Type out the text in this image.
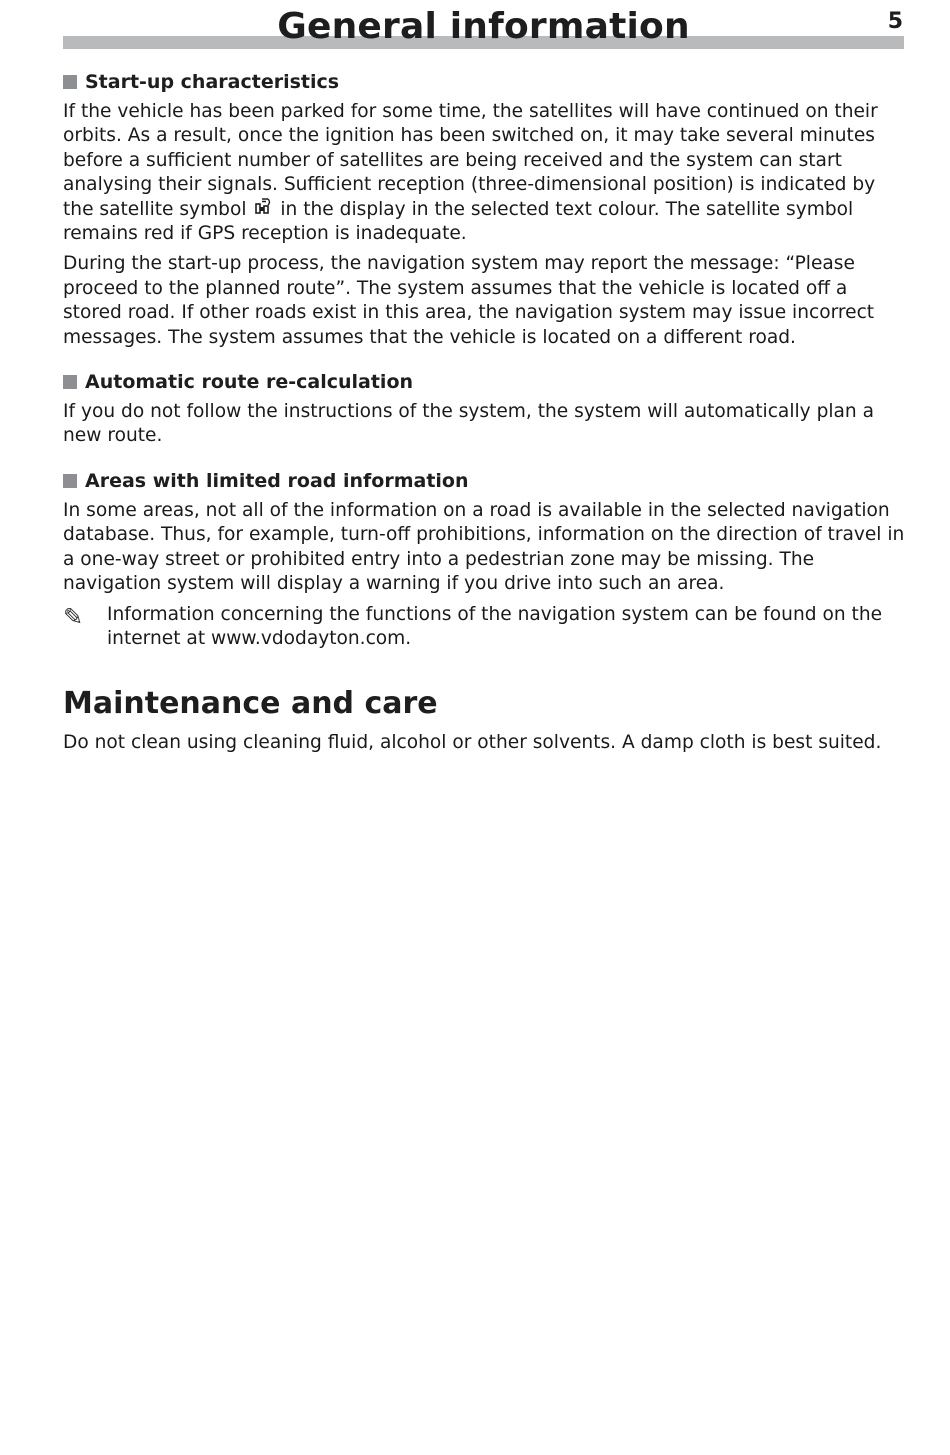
General information	5
Start-up characteristics

If the vehicle has been parked for some time, the satellites will have continued on their orbits. As a result, once the ignition has been switched on, it may take several minutes before a sufficient number of satellites are being received and the system can start analysing their signals. Sufficient reception (three-dimensional position) is indicated by the satellite symbol in the display in the selected text colour. The satellite symbol remains red if GPS reception is inadequate.

During the start-up process, the navigation system may report the message: “Please proceed to the planned route”. The system assumes that the vehicle is located off a stored road. If other roads exist in this area, the navigation system may issue incorrect messages. The system assumes that the vehicle is located on a different road.

Automatic route re-calculation

If you do not follow the instructions of the system, the system will automatically plan a new route.

Areas with limited road information

In some areas, not all of the information on a road is available in the selected navigation database. Thus, for example, turn-off prohibitions, information on the direction of travel in a one-way street or prohibited entry into a pedestrian zone may be missing. The navigation system will display a warning if you drive into such an area.

✎	Information concerning the functions of the navigation system can be found on the internet at www.vdodayton.com.

Maintenance and care

Do not clean using cleaning fluid, alcohol or other solvents. A damp cloth is best suited.
